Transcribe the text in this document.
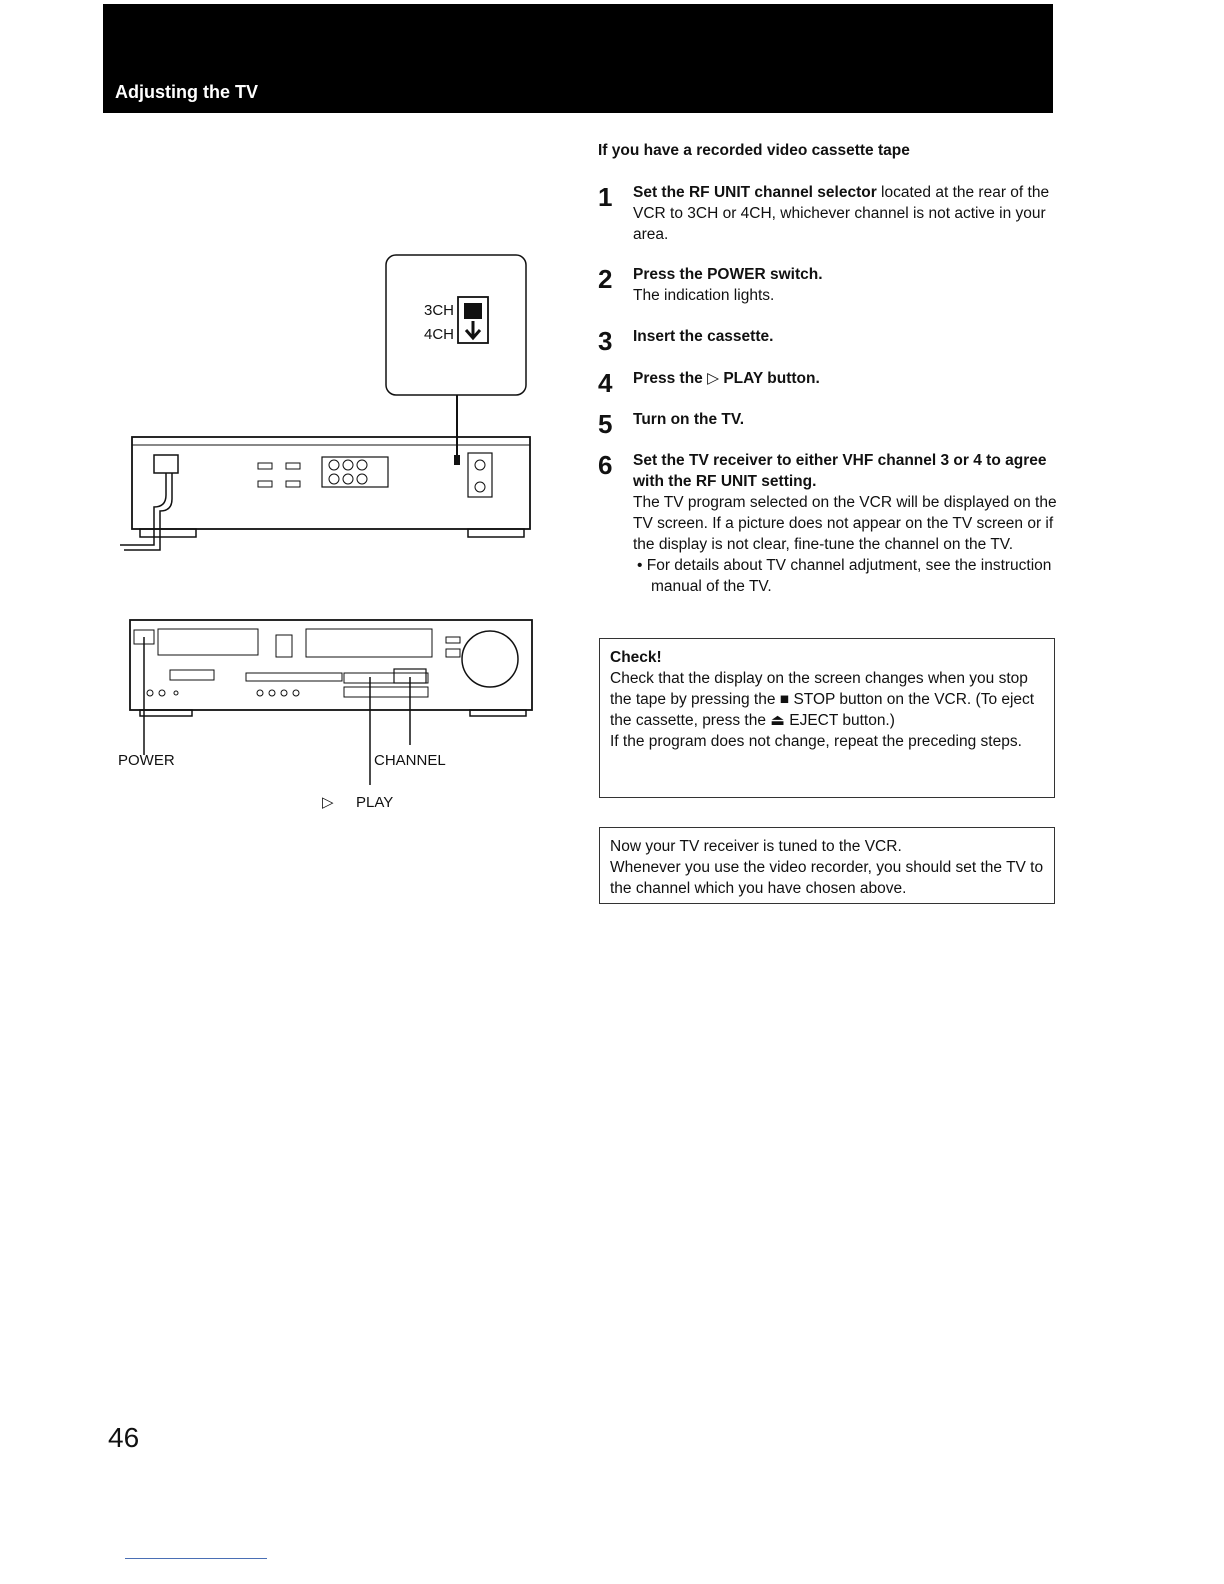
Adjusting the TV
3CH
4CH
POWER	CHANNEL
▷ PLAY
If you have a recorded video cassette tape
1 Set the RF UNIT channel selector located at the rear of the VCR to 3CH or 4CH, whichever channel is not active in your area.
2 Press the POWER switch.
The indication lights.
3 Insert the cassette.
4 Press the ▷ PLAY button.
5 Turn on the TV.
6 Set the TV receiver to either VHF channel 3 or 4 to agree with the RF UNIT setting.
The TV program selected on the VCR will be displayed on the TV screen. If a picture does not appear on the TV screen or if the display is not clear, fine-tune the channel on the TV.
• For details about TV channel adjutment, see the instruction manual of the TV.
Check!
Check that the display on the screen changes when you stop the tape by pressing the ■ STOP button on the VCR. (To eject the cassette, press the ⏏ EJECT button.)
If the program does not change, repeat the preceding steps.
Now your TV receiver is tuned to the VCR.
Whenever you use the video recorder, you should set the TV to the channel which you have chosen above.
46
